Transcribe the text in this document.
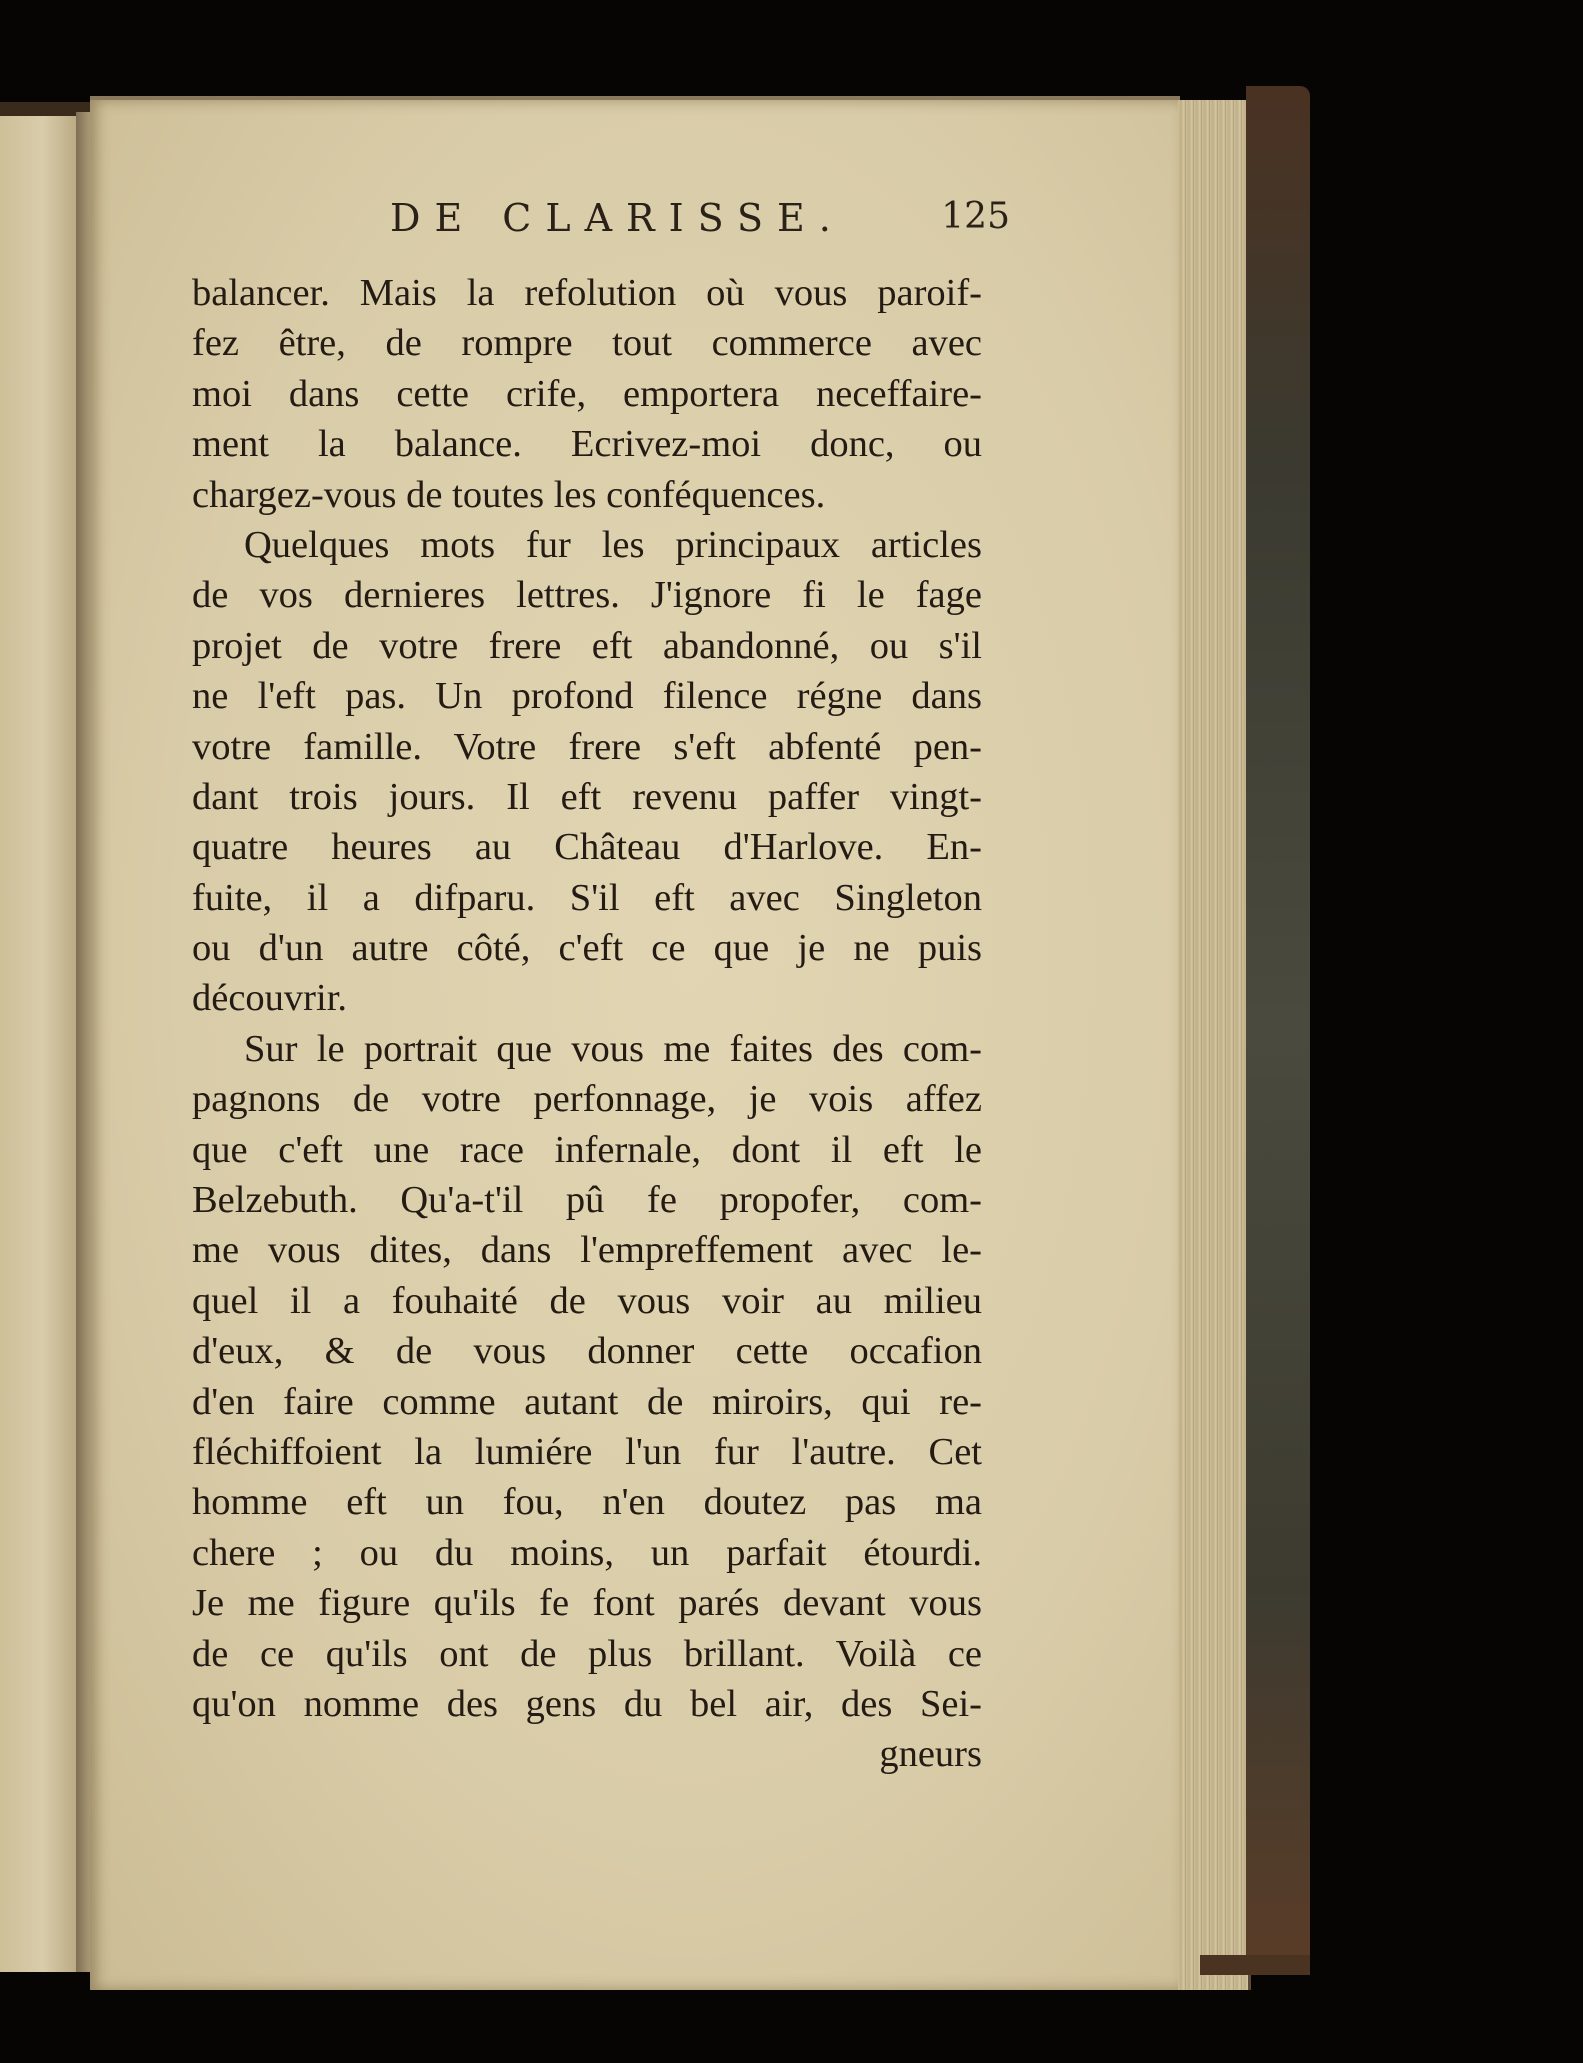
DE CLARISSE.	125
balancer. Mais la refolution où vous paroif-
fez être, de rompre tout commerce avec
moi dans cette crife, emportera neceffaire-
ment la balance. Ecrivez-moi donc, ou
chargez-vous de toutes les conféquences.
Quelques mots fur les principaux articles
de vos dernieres lettres. J'ignore fi le fage
projet de votre frere eft abandonné, ou s'il
ne l'eft pas. Un profond filence régne dans
votre famille. Votre frere s'eft abfenté pen-
dant trois jours. Il eft revenu paffer vingt-
quatre heures au Château d'Harlove. En-
fuite, il a difparu. S'il eft avec Singleton
ou d'un autre côté, c'eft ce que je ne puis
découvrir.
Sur le portrait que vous me faites des com-
pagnons de votre perfonnage, je vois affez
que c'eft une race infernale, dont il eft le
Belzebuth. Qu'a-t'il pû fe propofer, com-
me vous dites, dans l'empreffement avec le-
quel il a fouhaité de vous voir au milieu
d'eux, & de vous donner cette occafion
d'en faire comme autant de miroirs, qui re-
fléchiffoient la lumiére l'un fur l'autre. Cet
homme eft un fou, n'en doutez pas ma
chere ; ou du moins, un parfait étourdi.
Je me figure qu'ils fe font parés devant vous
de ce qu'ils ont de plus brillant. Voilà ce
qu'on nomme des gens du bel air, des Sei-
gneurs
